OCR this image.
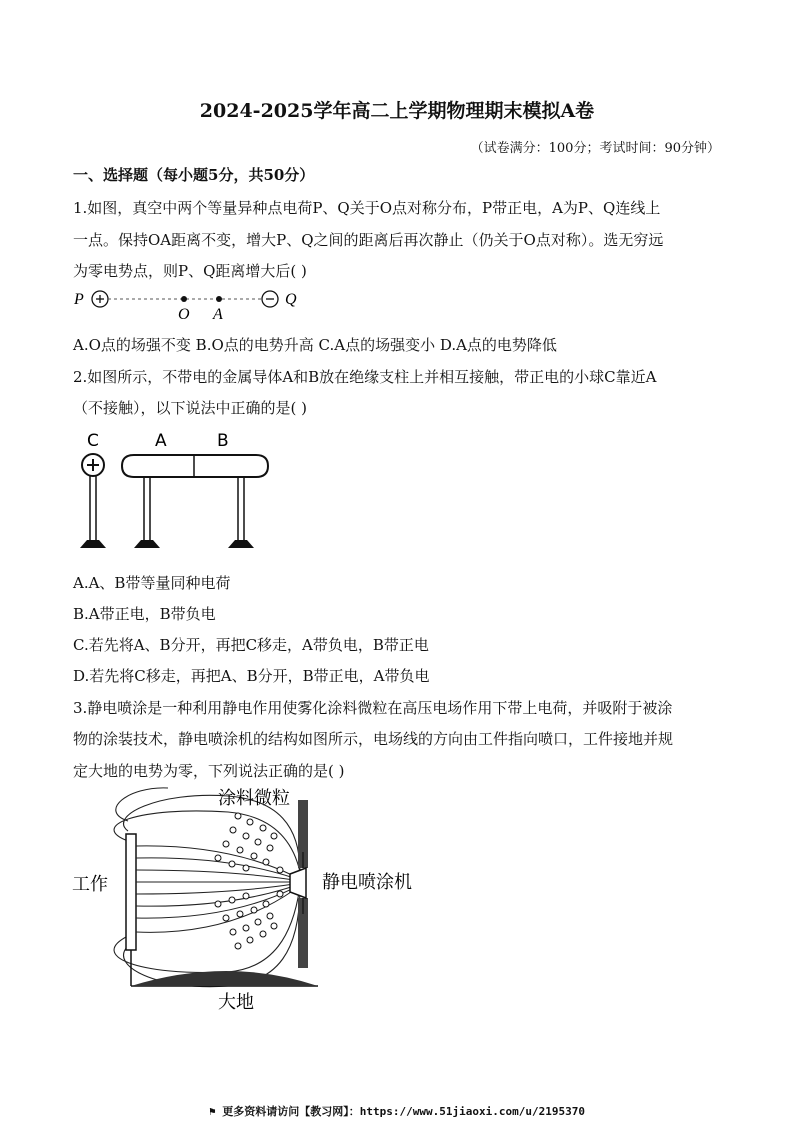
2024-2025学年高二上学期物理期末模拟A卷
（试卷满分：100分；考试时间：90分钟）
一、选择题（每小题5分，共50分）
1.如图，真空中两个等量异种点电荷P、Q关于O点对称分布，P带正电，A为P、Q连线上
一点。保持OA距离不变，增大P、Q之间的距离后再次静止（仍关于O点对称）。选无穷远
为零电势点，则P、Q距离增大后( )
P	Q
O A
A.O点的场强不变 B.O点的电势升高 C.A点的场强变小 D.A点的电势降低
2.如图所示，不带电的金属导体A和B放在绝缘支柱上并相互接触，带正电的小球C靠近A
（不接触），以下说法中正确的是( )
C	A	B
A.A、B带等量同种电荷
B.A带正电，B带负电
C.若先将A、B分开，再把C移走，A带负电，B带正电
D.若先将C移走，再把A、B分开，B带正电，A带负电
3.静电喷涂是一种利用静电作用使雾化涂料微粒在高压电场作用下带上电荷，并吸附于被涂
物的涂装技术，静电喷涂机的结构如图所示，电场线的方向由工件指向喷口，工件接地并规
定大地的电势为零，下列说法正确的是( )
涂料微粒
工作	静电喷涂机
大地
⚑ 更多资料请访问【教习网】：https://www.51jiaoxi.com/u/2195370
